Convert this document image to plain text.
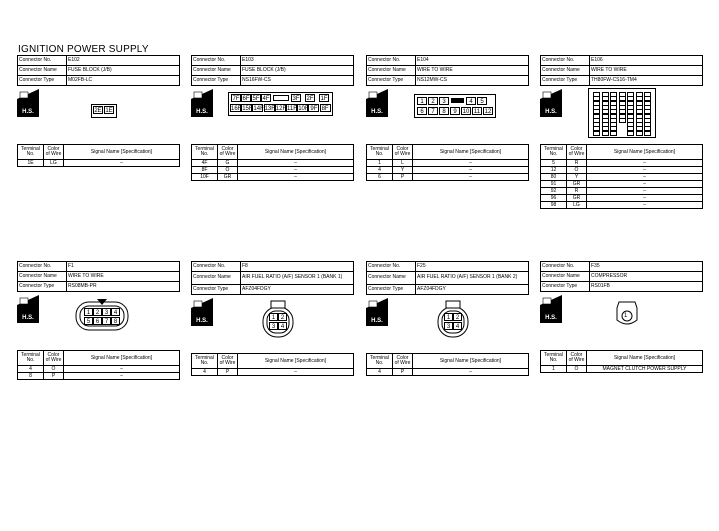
IGNITION POWER SUPPLY
Connector No.	E102
Connector Name	FUSE BLOCK (J/B)
Connector Type	M02FB-LC
H.S.	2E 1E
Terminal No.	Color of Wire	Signal Name [Specification]
1E	LG	–
Connector No.	E103
Connector Name	FUSE BLOCK (J/B)
Connector Type	NS16FW-CS
H.S.
7F 6F 5F 4F	3F 2F 1F
16F 15F 14F 13F 12F 11F 10F 9F 8F
Terminal No.	Color of Wire	Signal Name [Specification]
4F	G	–
8F	O	–
10F	GR	–
Connector No.	E104
Connector Name	WIRE TO WIRE
Connector Type	NS12MW-CS
H.S.
1	2	3	4	5
6	7	8	9 10 11 12
Terminal No.	Color of Wire	Signal Name [Specification]
1	L	–
4	Y	–
6	P	–
Connector No.	E106
Connector Name	WIRE TO WIRE
Connector Type	TH80FW-CS16-TM4
H.S.
Terminal No.	Color of Wire	Signal Name [Specification]
5	R	–
12	O	–
80	Y	–
91	GR	–
92	R	–
96	GR	–
98	LG	–
Connector No.	F1
Connector Name	WIRE TO WIRE
Connector Type	RS08MB-PR
H.S.
1 2 3 4
5 6 7 8
Terminal No.	Color of Wire	Signal Name [Specification]
4	O	–
8	P	–
Connector No.	F8
Connector Name	AIR FUEL RATIO (A/F) SENSOR 1 (BANK 1)
Connector Type	AFZ04FDGY
H.S.	1 2
3 4
Terminal No.	Color of Wire	Signal Name [Specification]
4	P	–
Connector No.	F25
Connector Name	AIR FUEL RATIO (A/F) SENSOR 1 (BANK 2)
Connector Type	AFZ04FDGY
H.S.	1 2
3 4
Terminal No.	Color of Wire	Signal Name [Specification]
4	P	–
Connector No.	F35
Connector Name	COMPRESSOR
Connector Type	RS01FB
H.S.	1
Terminal No.	Color of Wire	Signal Name [Specification]
1	O	MAGNET CLUTCH POWER SUPPLY
